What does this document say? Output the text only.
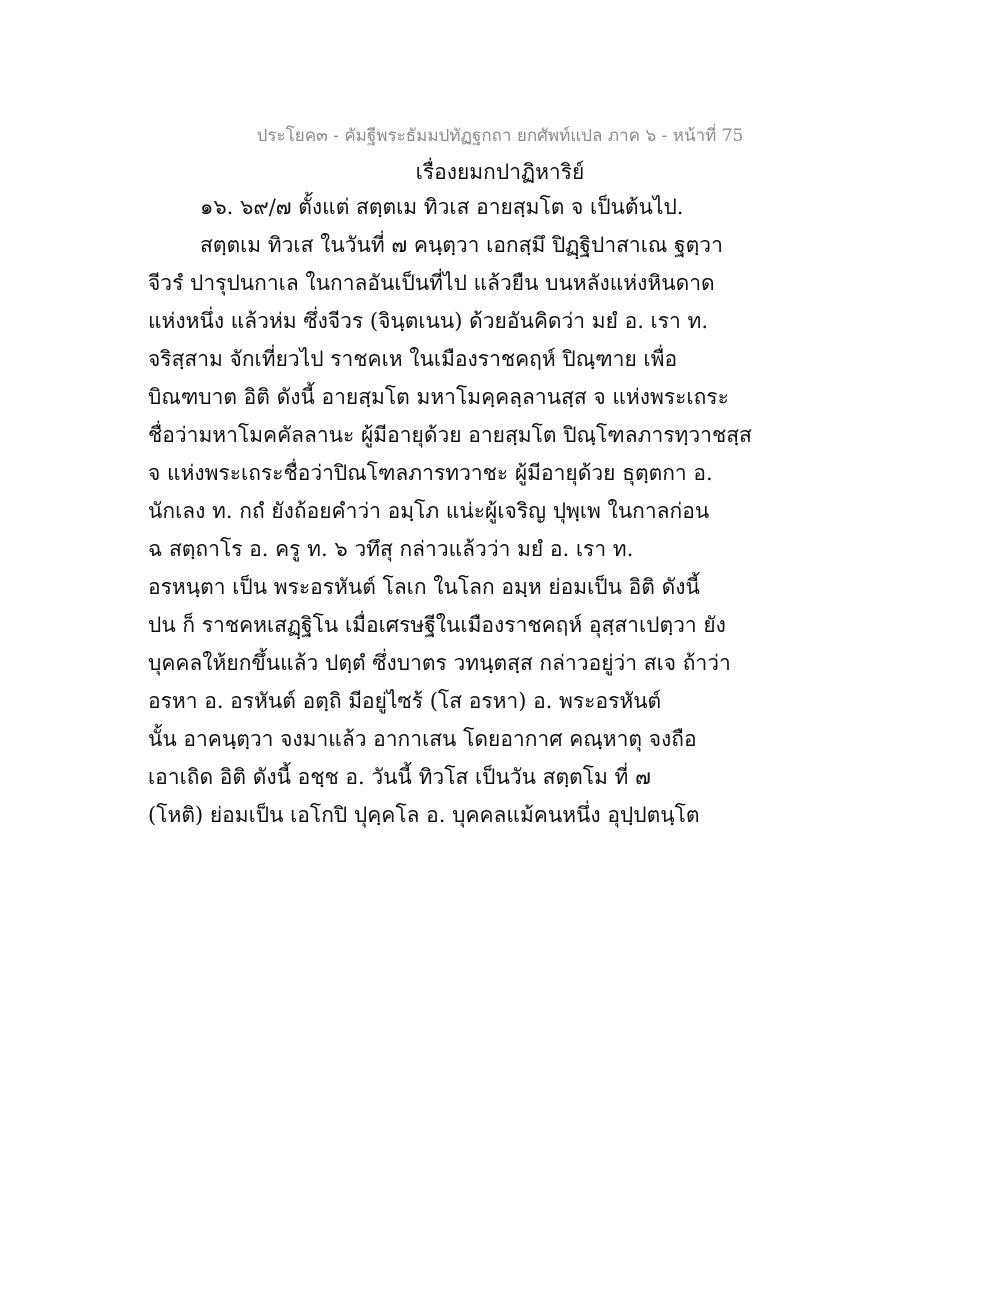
ประโยค๓ - คัมฐีพระธัมมปทัฏฐกถา ยกศัพท์แปล ภาค ๖ - หน้าที่ 75
เรื่องยมกปาฏิหาริย์
๑๖. ๖๙/๗ ตั้งแต่ สตฺตเม ทิวเส อายสฺมโต จ เป็นต้นไป.
สตฺตเม ทิวเส ในวันที่ ๗ คนฺตฺวา เอกสฺมึ ปิฏฺฐิปาสาเณ ฐตฺวา
จีวรํ ปารุปนกาเล ในกาลอันเป็นที่ไป แล้วยืน บนหลังแห่งหินดาด
แห่งหนึ่ง แล้วห่ม ซึ่งจีวร (จินฺตเนน) ด้วยอันคิดว่า มยํ อ. เรา ท.
จริสฺสาม จักเที่ยวไป ราชคเห ในเมืองราชคฤห์ ปิณฺฑาย เพื่อ
บิณฑบาต อิติ ดังนี้ อายสฺมโต มหาโมคฺคลฺลานสฺส จ แห่งพระเถระ
ชื่อว่ามหาโมคคัลลานะ ผู้มีอายุด้วย อายสฺมโต ปิณฺโฑลภารทฺวาชสฺส
จ แห่งพระเถระชื่อว่าปิณโฑลภารทวาชะ ผู้มีอายุด้วย ธุตฺตกา อ.
นักเลง ท. กถํ ยังถ้อยคำว่า อมฺโภ แน่ะผู้เจริญ ปุพฺเพ ในกาลก่อน
ฉ สตฺถาโร อ. ครู ท. ๖ วทึสุ กล่าวแล้วว่า มยํ อ. เรา ท.
อรหนฺตา เป็น พระอรหันต์ โลเก ในโลก อมฺห ย่อมเป็น อิติ ดังนี้
ปน ก็ ราชคหเสฏฺฐิโน เมื่อเศรษฐีในเมืองราชคฤห์ อุสฺสาเปตฺวา ยัง
บุคคลให้ยกขึ้นแล้ว ปตฺตํ ซึ่งบาตร วทนฺตสฺส กล่าวอยู่ว่า สเจ ถ้าว่า
อรหา อ. อรหันต์ อตฺถิ มีอยู่ไซร้ (โส อรหา) อ. พระอรหันต์
นั้น อาคนฺตฺวา จงมาแล้ว อากาเสน โดยอากาศ คณฺหาตุ จงถือ
เอาเถิด อิติ ดังนี้ อชฺช อ. วันนี้ ทิวโส เป็นวัน สตฺตโม ที่ ๗
(โหติ) ย่อมเป็น เอโกปิ ปุคฺคโล อ. บุคคลแม้คนหนึ่ง อุปฺปตนฺโต
